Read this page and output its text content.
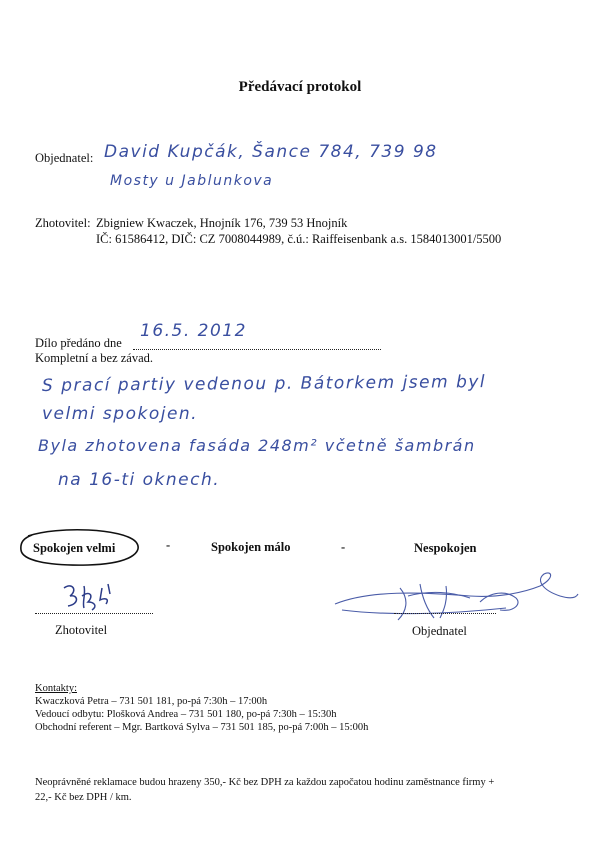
Předávací protokol
Objednatel: David Kupčák, Šance 784, 739 98
Mosty u Jablunkova
Zhotovitel: Zbigniew Kwaczek, Hnojník 176, 739 53 Hnojník
IČ: 61586412, DIČ: CZ 7008044989, č.ú.: Raiffeisenbank a.s. 1584013001/5500
Dílo předáno dne
16.5. 2012
Kompletní a bez závad.
S prací partiy vedenou p. Bátorkem jsem byl
velmi spokojen.
Byla zhotovena fasáda 248m² včetně šambrán
na 16-ti oknech.
Spokojen velmi	-	Spokojen málo	-	Nespokojen
Zhotovitel	Objednatel
Kontakty:
Kwaczková Petra – 731 501 181, po-pá 7:30h – 17:00h
Vedoucí odbytu: Plošková Andrea – 731 501 180, po-pá 7:30h – 15:30h
Obchodní referent – Mgr. Bartková Sylva – 731 501 185, po-pá 7:00h – 15:00h
Neoprávněné reklamace budou hrazeny 350,- Kč bez DPH za každou započatou hodinu zaměstnance firmy +
22,- Kč bez DPH / km.
